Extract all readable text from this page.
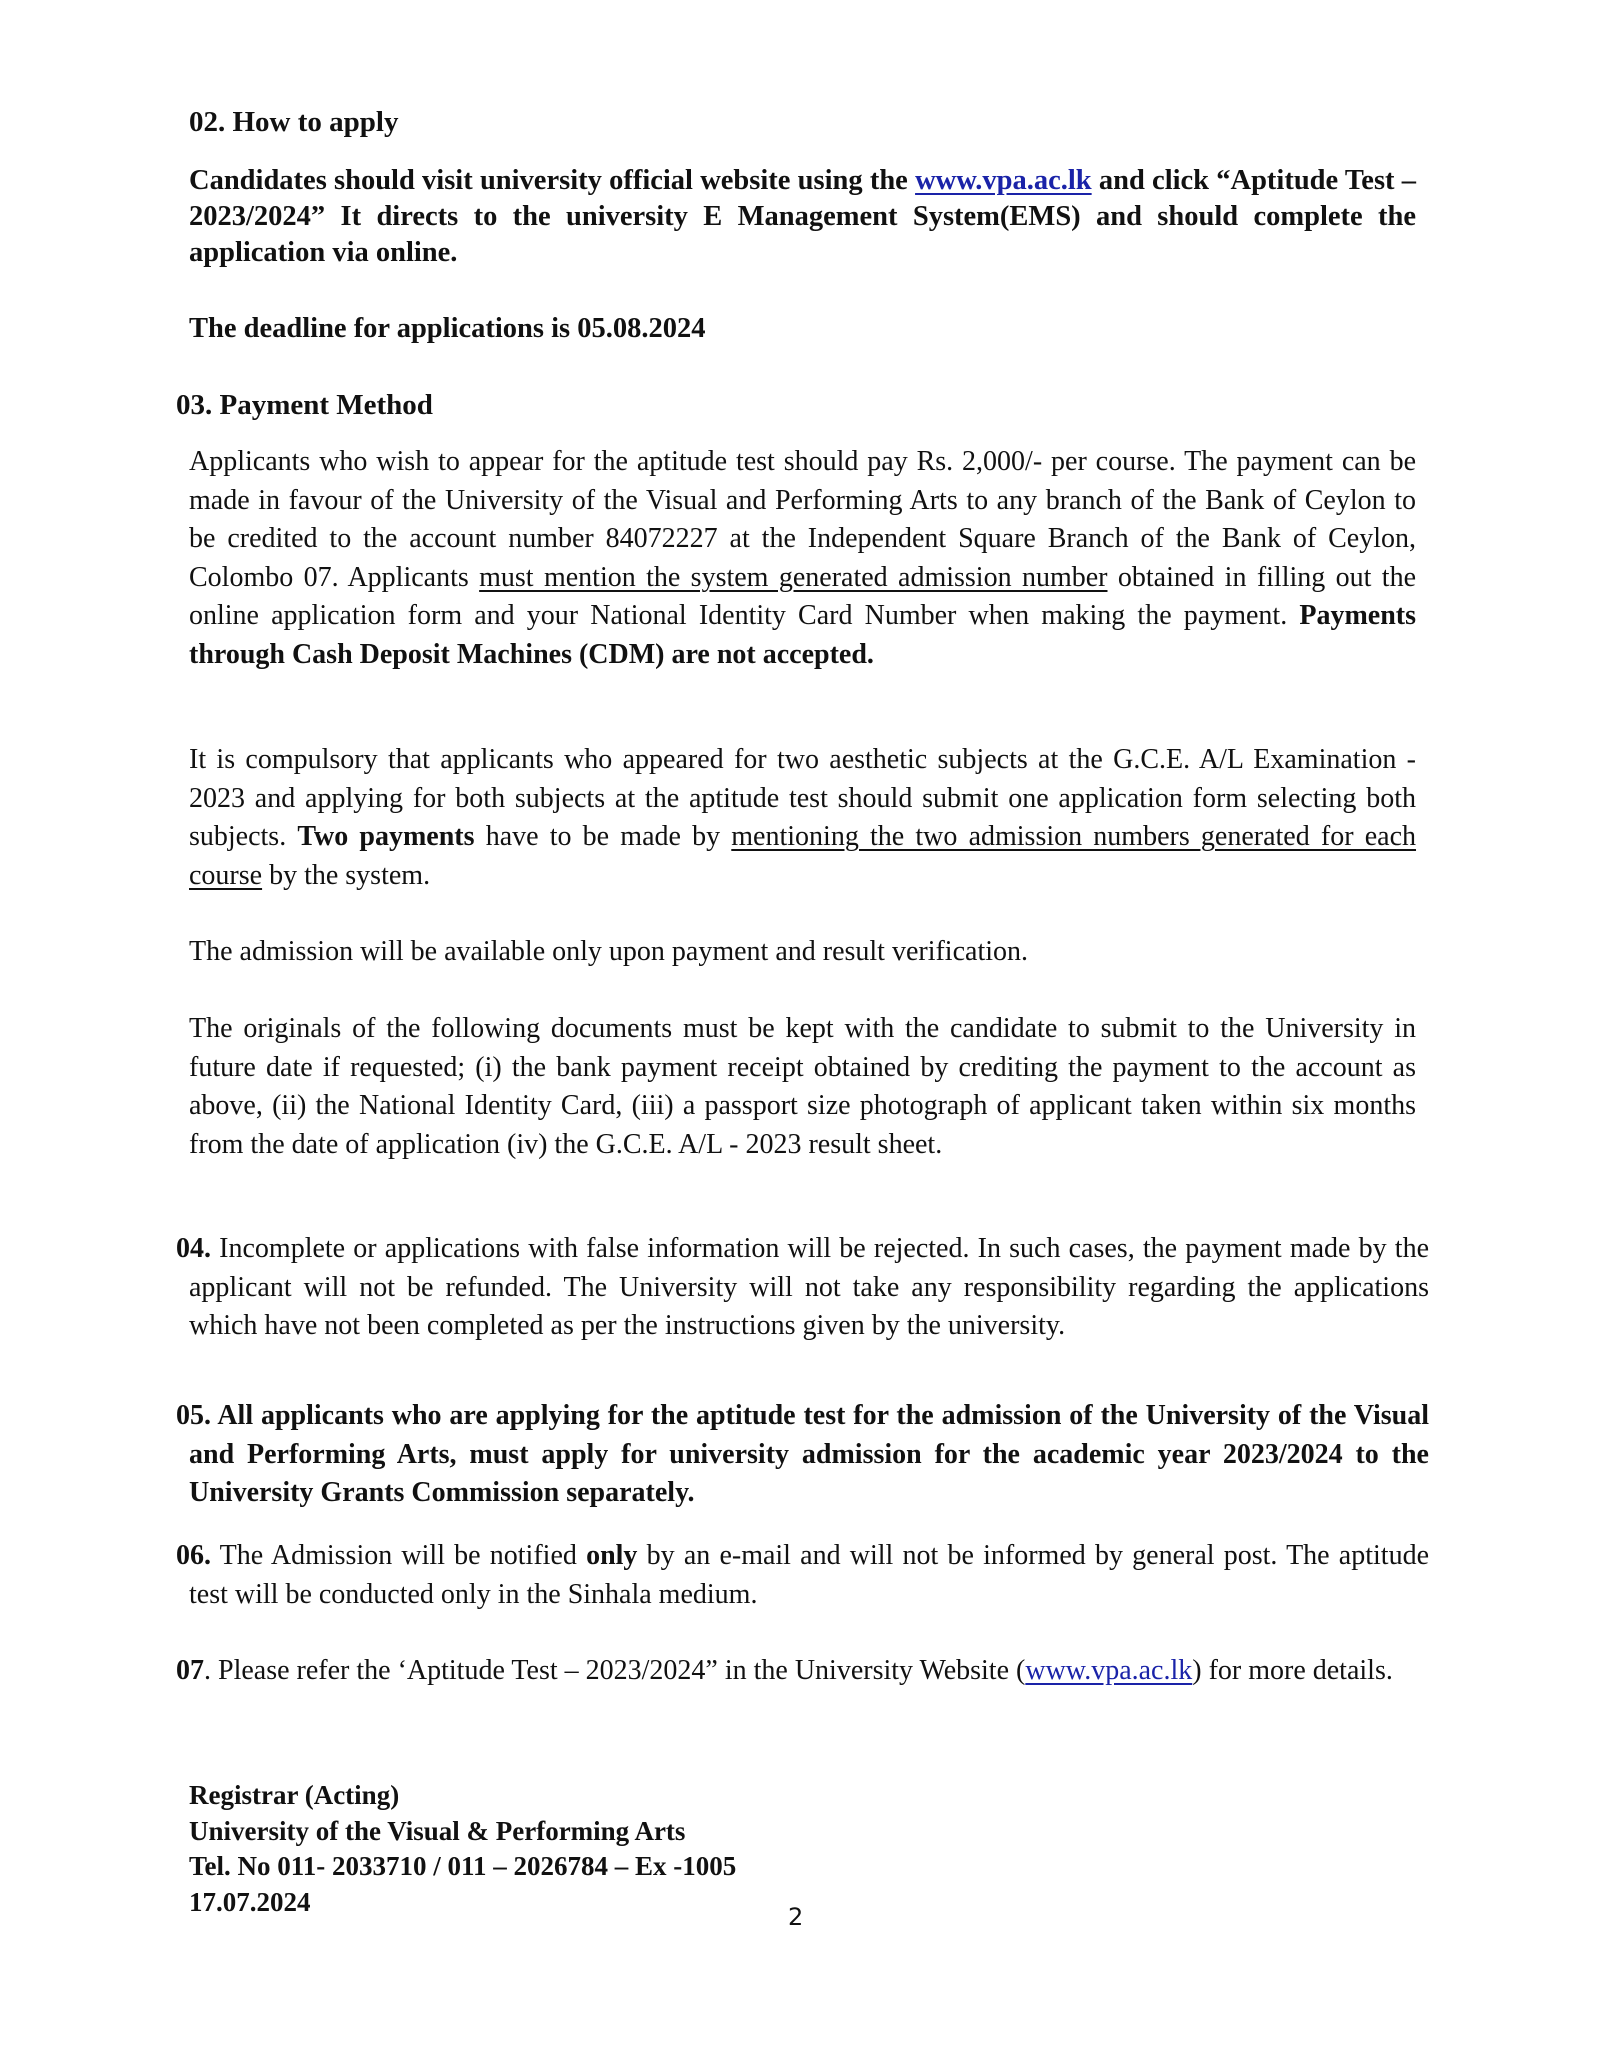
02. How to apply
Candidates should visit university official website using the www.vpa.ac.lk and click “Aptitude Test – 2023/2024” It directs to the university E Management System(EMS) and should complete the application via online.
The deadline for applications is 05.08.2024
03. Payment Method
Applicants who wish to appear for the aptitude test should pay Rs. 2,000/- per course. The payment can be made in favour of the University of the Visual and Performing Arts to any branch of the Bank of Ceylon to be credited to the account number 84072227 at the Independent Square Branch of the Bank of Ceylon, Colombo 07. Applicants must mention the system generated admission number obtained in filling out the online application form and your National Identity Card Number when making the payment. Payments through Cash Deposit Machines (CDM) are not accepted.
It is compulsory that applicants who appeared for two aesthetic subjects at the G.C.E. A/L Examination - 2023 and applying for both subjects at the aptitude test should submit one application form selecting both subjects. Two payments have to be made by mentioning the two admission numbers generated for each course by the system.
The admission will be available only upon payment and result verification.
The originals of the following documents must be kept with the candidate to submit to the University in future date if requested; (i) the bank payment receipt obtained by crediting the payment to the account as above, (ii) the National Identity Card, (iii) a passport size photograph of applicant taken within six months from the date of application (iv) the G.C.E. A/L - 2023 result sheet.
04. Incomplete or applications with false information will be rejected. In such cases, the payment made by the applicant will not be refunded. The University will not take any responsibility regarding the applications which have not been completed as per the instructions given by the university.
05. All applicants who are applying for the aptitude test for the admission of the University of the Visual and Performing Arts, must apply for university admission for the academic year 2023/2024 to the University Grants Commission separately.
06. The Admission will be notified only by an e-mail and will not be informed by general post. The aptitude test will be conducted only in the Sinhala medium.
07. Please refer the ‘Aptitude Test – 2023/2024” in the University Website (www.vpa.ac.lk) for more details.
Registrar (Acting)
University of the Visual & Performing Arts
Tel. No 011- 2033710 / 011 – 2026784 – Ex -1005
17.07.2024
2
